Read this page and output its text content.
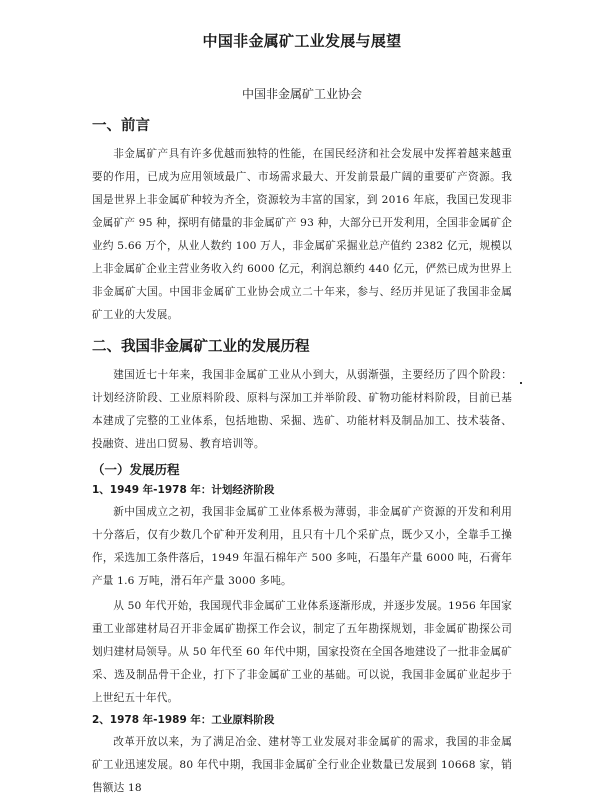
中国非金属矿工业发展与展望
中国非金属矿工业协会
一、前言
非金属矿产具有许多优越而独特的性能，在国民经济和社会发展中发挥着越来越重要的作用，已成为应用领域最广、市场需求最大、开发前景最广阔的重要矿产资源。我国是世界上非金属矿种较为齐全，资源较为丰富的国家，到 2016 年底，我国已发现非金属矿产 95 种，探明有储量的非金属矿产 93 种，大部分已开发利用，全国非金属矿企业约 5.66 万个，从业人数约 100 万人，非金属矿采掘业总产值约 2382 亿元，规模以上非金属矿企业主营业务收入约 6000 亿元，利润总额约 440 亿元，俨然已成为世界上非金属矿大国。中国非金属矿工业协会成立二十年来，参与、经历并见证了我国非金属矿工业的大发展。
二、我国非金属矿工业的发展历程
建国近七十年来，我国非金属矿工业从小到大，从弱渐强，主要经历了四个阶段：计划经济阶段、工业原料阶段、原料与深加工并举阶段、矿物功能材料阶段，目前已基本建成了完整的工业体系，包括地勘、采掘、选矿、功能材料及制品加工、技术装备、投融资、进出口贸易、教育培训等。
（一）发展历程
1、1949 年-1978 年：计划经济阶段
新中国成立之初，我国非金属矿工业体系极为薄弱，非金属矿产资源的开发和利用十分落后，仅有少数几个矿种开发利用，且只有十几个采矿点，既少又小，全靠手工操作，采选加工条件落后，1949 年温石棉年产 500 多吨，石墨年产量 6000 吨，石膏年产量 1.6 万吨，滑石年产量 3000 多吨。
从 50 年代开始，我国现代非金属矿工业体系逐渐形成，并逐步发展。1956 年国家重工业部建材局召开非金属矿勘探工作会议，制定了五年勘探规划，非金属矿勘探公司划归建材局领导。从 50 年代至 60 年代中期，国家投资在全国各地建设了一批非金属矿采、选及制品骨干企业，打下了非金属矿工业的基础。可以说，我国非金属矿业起步于上世纪五十年代。
2、1978 年-1989 年：工业原料阶段
改革开放以来，为了满足冶金、建材等工业发展对非金属矿的需求，我国的非金属矿工业迅速发展。80 年代中期，我国非金属矿全行业企业数量已发展到 10668 家，销售额达 18
